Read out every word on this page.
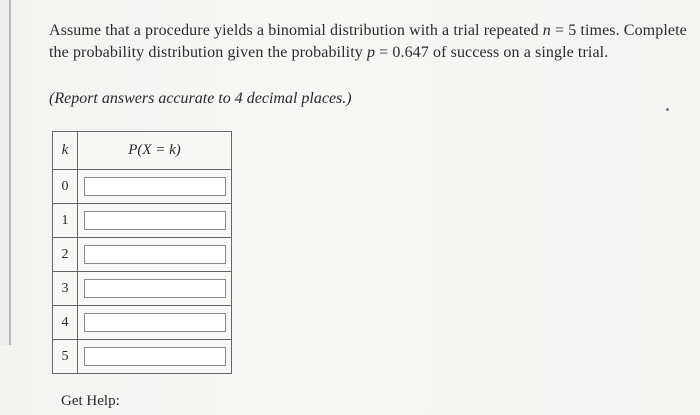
Assume that a procedure yields a binomial distribution with a trial repeated n = 5 times. Complete the probability distribution given the probability p = 0.647 of success on a single trial.
(Report answers accurate to 4 decimal places.)
k	P(X = k)
0	

1	

2	

3	

4	

5	
Get Help:
